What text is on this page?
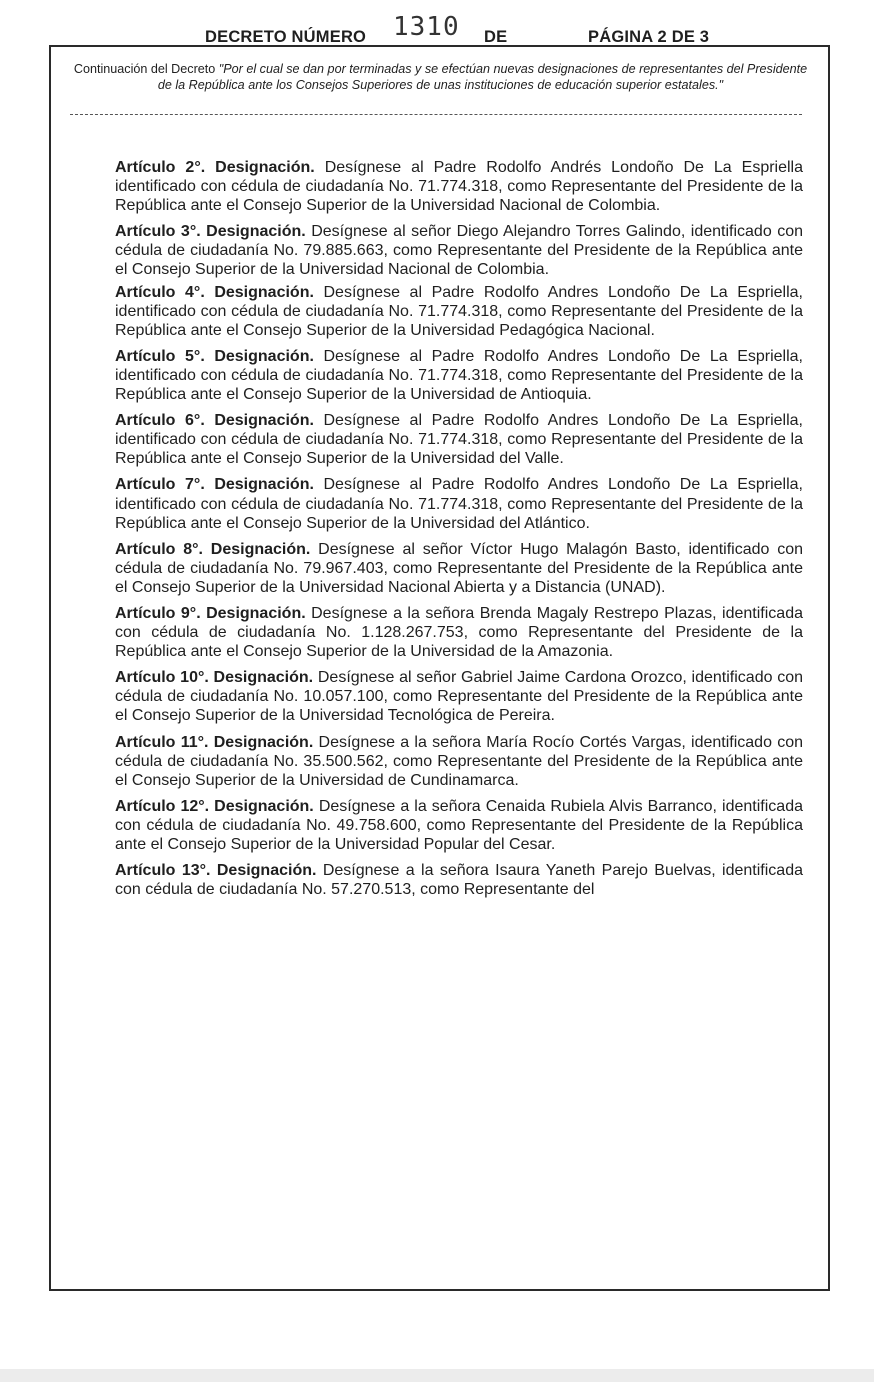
DECRETO NÚMERO 1310 DE	PÁGINA 2 DE 3
Continuación del Decreto "Por el cual se dan por terminadas y se efectúan nuevas designaciones de representantes del Presidente de la República ante los Consejos Superiores de unas instituciones de educación superior estatales."

Artículo 2°. Designación. Desígnese al Padre Rodolfo Andrés Londoño De La Espriella identificado con cédula de ciudadanía No. 71.774.318, como Representante del Presidente de la República ante el Consejo Superior de la Universidad Nacional de Colombia.

Artículo 3°. Designación. Desígnese al señor Diego Alejandro Torres Galindo, identificado con cédula de ciudadanía No. 79.885.663, como Representante del Presidente de la República ante el Consejo Superior de la Universidad Nacional de Colombia.

Artículo 4°. Designación. Desígnese al Padre Rodolfo Andres Londoño De La Espriella, identificado con cédula de ciudadanía No. 71.774.318, como Representante del Presidente de la República ante el Consejo Superior de la Universidad Pedagógica Nacional.

Artículo 5°. Designación. Desígnese al Padre Rodolfo Andres Londoño De La Espriella, identificado con cédula de ciudadanía No. 71.774.318, como Representante del Presidente de la República ante el Consejo Superior de la Universidad de Antioquia.

Artículo 6°. Designación. Desígnese al Padre Rodolfo Andres Londoño De La Espriella, identificado con cédula de ciudadanía No. 71.774.318, como Representante del Presidente de la República ante el Consejo Superior de la Universidad del Valle.

Artículo 7°. Designación. Desígnese al Padre Rodolfo Andres Londoño De La Espriella, identificado con cédula de ciudadanía No. 71.774.318, como Representante del Presidente de la República ante el Consejo Superior de la Universidad del Atlántico.

Artículo 8°. Designación. Desígnese al señor Víctor Hugo Malagón Basto, identificado con cédula de ciudadanía No. 79.967.403, como Representante del Presidente de la República ante el Consejo Superior de la Universidad Nacional Abierta y a Distancia (UNAD).

Artículo 9°. Designación. Desígnese a la señora Brenda Magaly Restrepo Plazas, identificada con cédula de ciudadanía No. 1.128.267.753, como Representante del Presidente de la República ante el Consejo Superior de la Universidad de la Amazonia.

Artículo 10°. Designación. Desígnese al señor Gabriel Jaime Cardona Orozco, identificado con cédula de ciudadanía No. 10.057.100, como Representante del Presidente de la República ante el Consejo Superior de la Universidad Tecnológica de Pereira.

Artículo 11°. Designación. Desígnese a la señora María Rocío Cortés Vargas, identificado con cédula de ciudadanía No. 35.500.562, como Representante del Presidente de la República ante el Consejo Superior de la Universidad de Cundinamarca.

Artículo 12°. Designación. Desígnese a la señora Cenaida Rubiela Alvis Barranco, identificada con cédula de ciudadanía No. 49.758.600, como Representante del Presidente de la República ante el Consejo Superior de la Universidad Popular del Cesar.

Artículo 13°. Designación. Desígnese a la señora Isaura Yaneth Parejo Buelvas, identificada con cédula de ciudadanía No. 57.270.513, como Representante del
